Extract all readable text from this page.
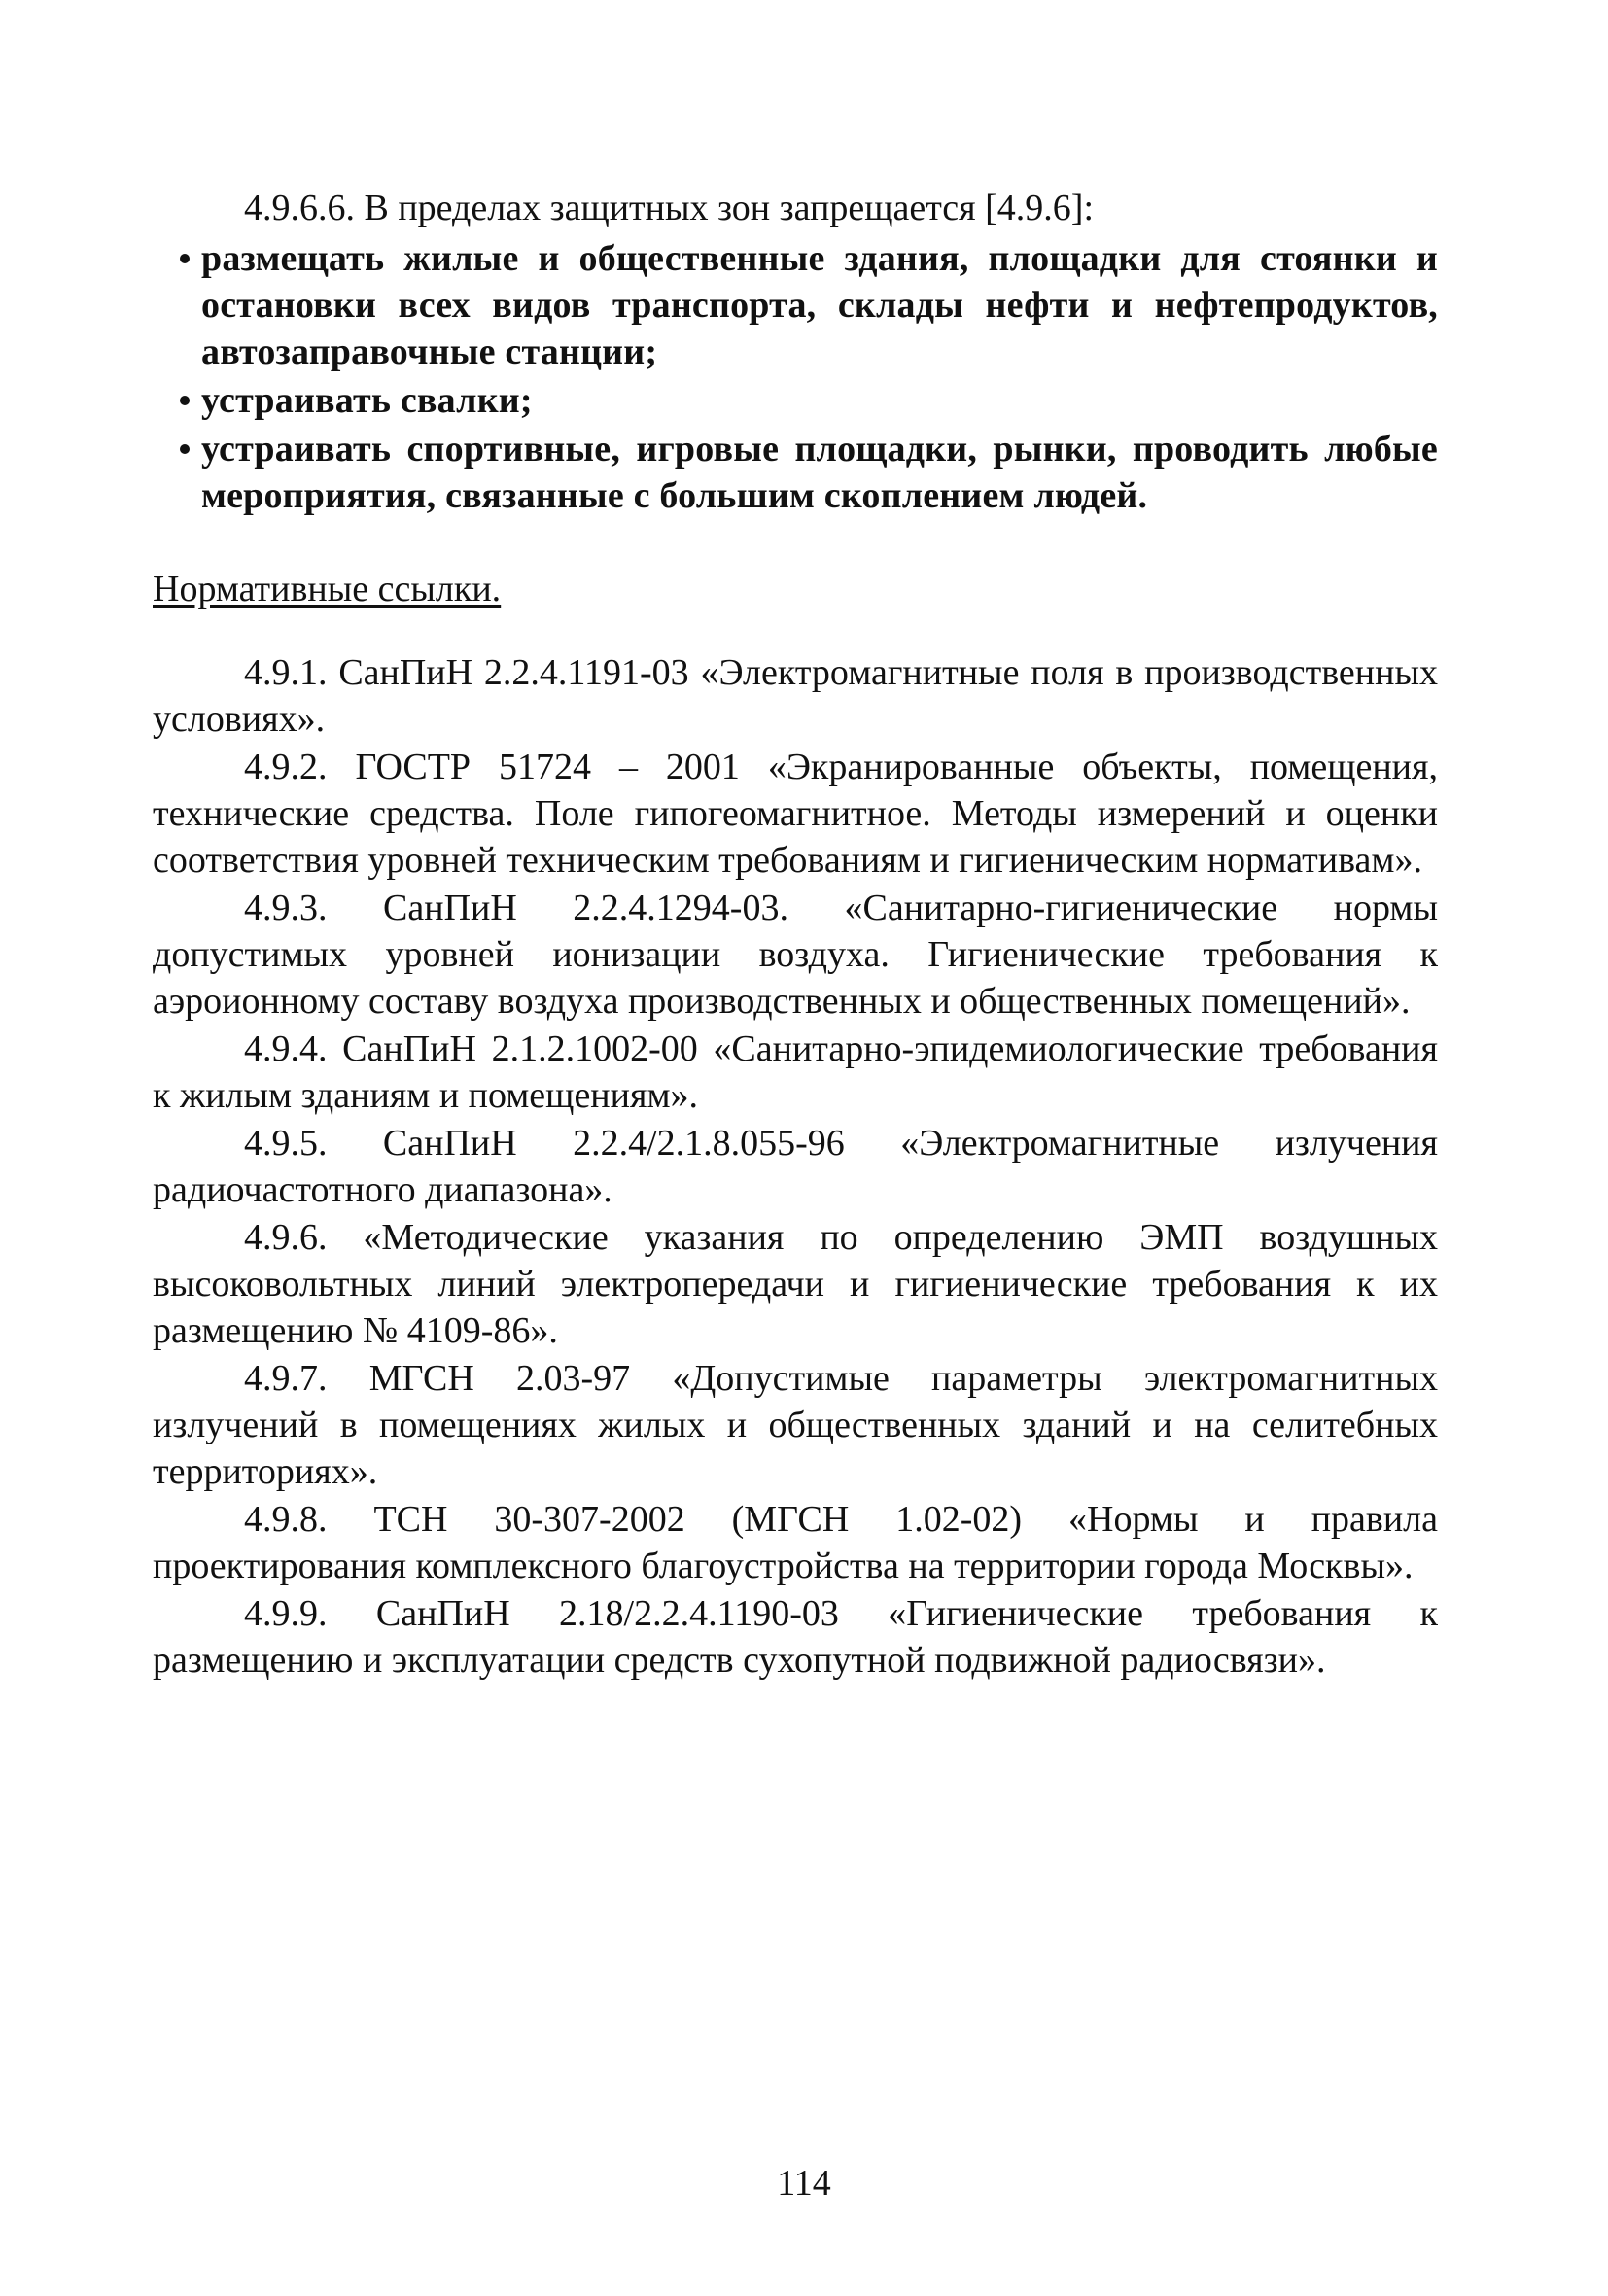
4.9.6.6. В пределах защитных зон запрещается [4.9.6]:

размещать жилые и общественные здания, площадки для стоянки и остановки всех видов транспорта, склады нефти и нефтепродуктов, автозаправочные станции;
устраивать свалки;
устраивать спортивные, игровые площадки, рынки, проводить любые мероприятия, связанные с большим скоплением людей.
Нормативные ссылки.

4.9.1. СанПиН 2.2.4.1191-03 «Электромагнитные поля в производственных условиях».

4.9.2. ГОСТР 51724 – 2001 «Экранированные объекты, помещения, технические средства. Поле гипогеомагнитное. Методы измерений и оценки соответствия уровней техническим требованиям и гигиеническим нормативам».

4.9.3. СанПиН 2.2.4.1294-03. «Санитарно-гигиенические нормы допустимых уровней ионизации воздуха. Гигиенические требования к аэроионному составу воздуха производственных и общественных помещений».

4.9.4. СанПиН 2.1.2.1002-00 «Санитарно-эпидемиологические требования к жилым зданиям и помещениям».

4.9.5. СанПиН 2.2.4/2.1.8.055-96 «Электромагнитные излучения радиочастотного диапазона».

4.9.6. «Методические указания по определению ЭМП воздушных высоковольтных линий электропередачи и гигиенические требования к их размещению № 4109-86».

4.9.7. МГСН 2.03-97 «Допустимые параметры электромагнитных излучений в помещениях жилых и общественных зданий и на селитебных территориях».

4.9.8. ТСН 30-307-2002 (МГСН 1.02-02) «Нормы и правила проектирования комплексного благоустройства на территории города Москвы».

4.9.9. СанПиН 2.18/2.2.4.1190-03 «Гигиенические требования к размещению и эксплуатации средств сухопутной подвижной радиосвязи».

114
